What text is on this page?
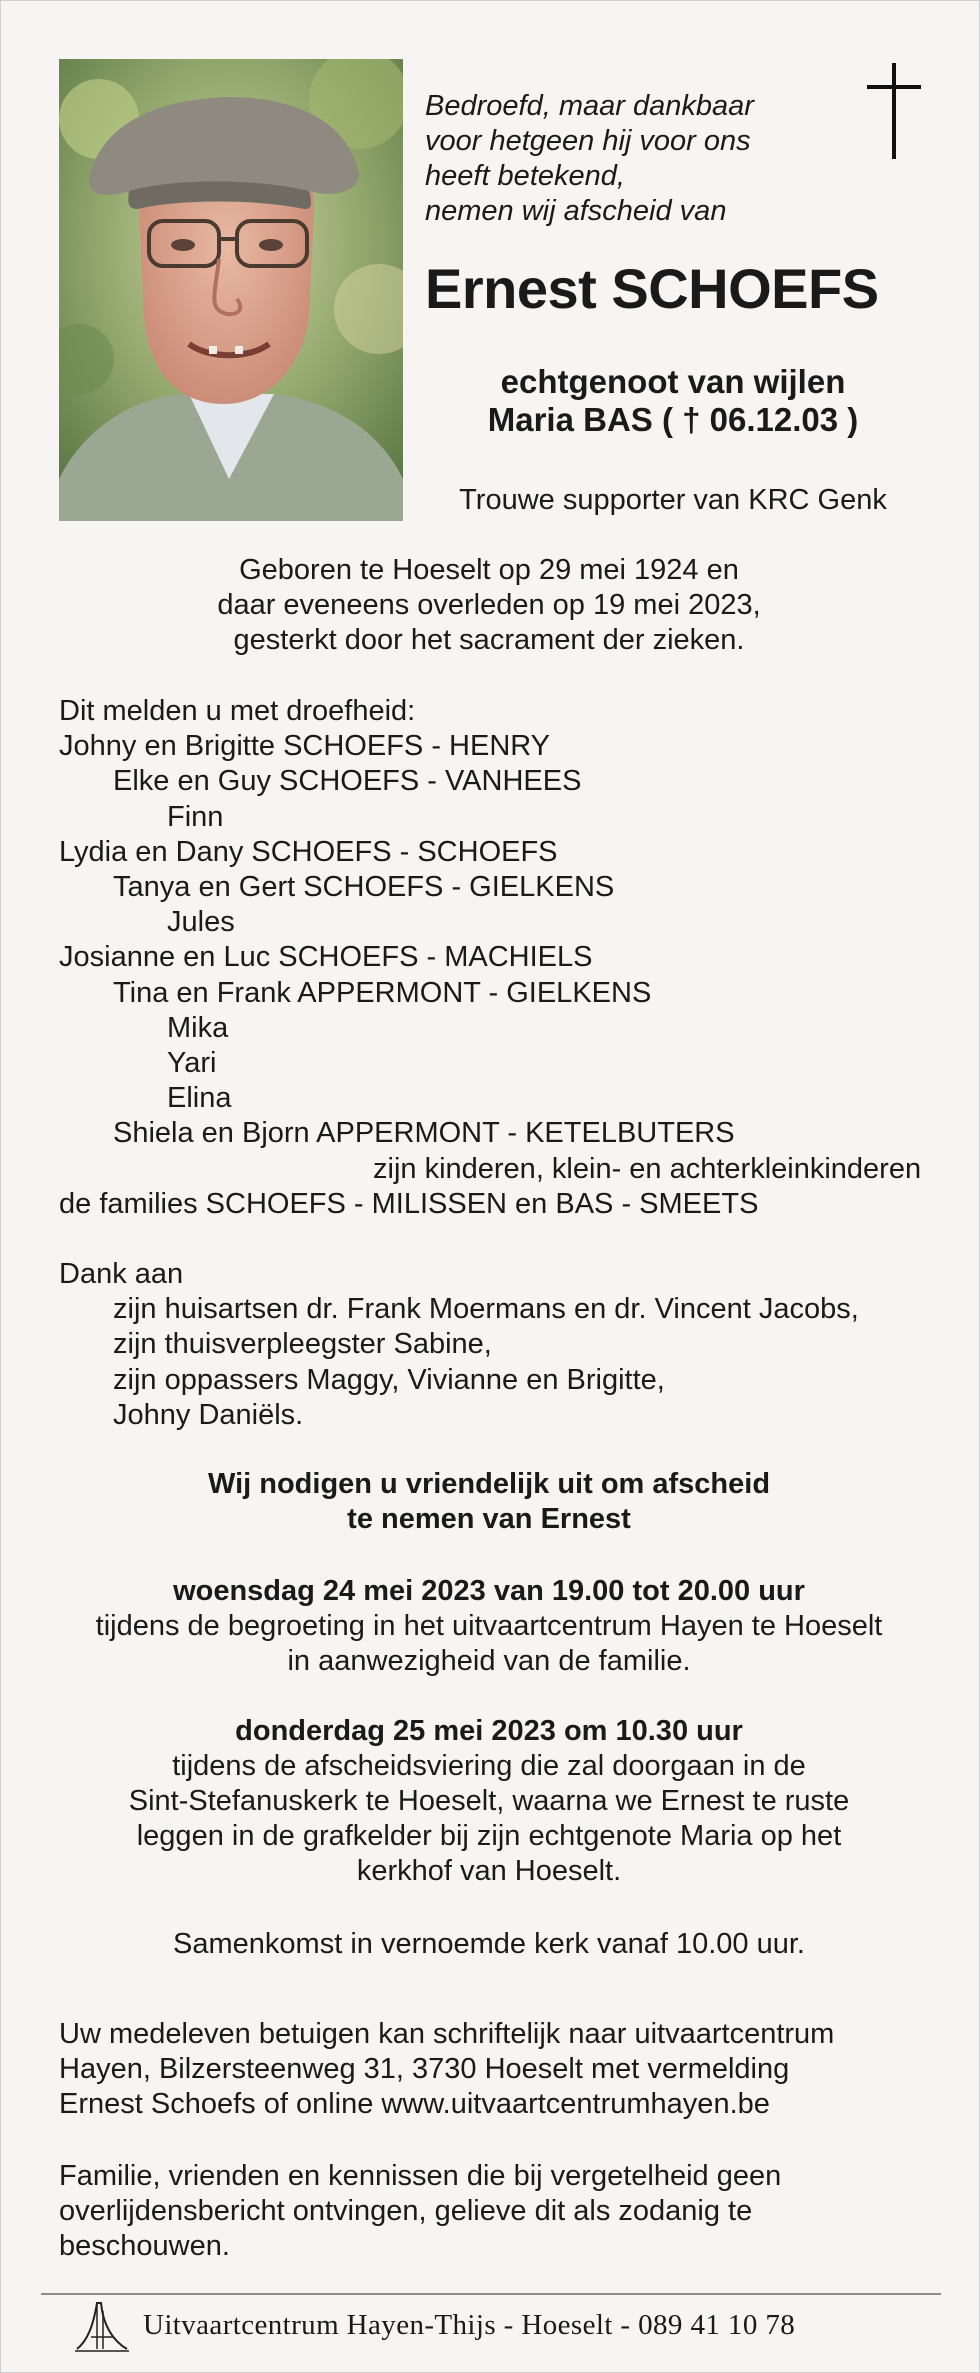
Bedroefd, maar dankbaar
voor hetgeen hij voor ons
heeft betekend,
nemen wij afscheid van
Ernest SCHOEFS
echtgenoot van wijlen
Maria BAS ( † 06.12.03 )
Trouwe supporter van KRC Genk
Geboren te Hoeselt op 29 mei 1924 en
daar eveneens overleden op 19 mei 2023,
gesterkt door het sacrament der zieken.
Dit melden u met droefheid:
Johny en Brigitte SCHOEFS - HENRY
Elke en Guy SCHOEFS - VANHEES
Finn
Lydia en Dany SCHOEFS - SCHOEFS
Tanya en Gert SCHOEFS - GIELKENS
Jules
Josianne en Luc SCHOEFS - MACHIELS
Tina en Frank APPERMONT - GIELKENS
Mika
Yari
Elina
Shiela en Bjorn APPERMONT - KETELBUTERS
zijn kinderen, klein- en achterkleinkinderen
de families SCHOEFS - MILISSEN en BAS - SMEETS
Dank aan
zijn huisartsen dr. Frank Moermans en dr. Vincent Jacobs,
zijn thuisverpleegster Sabine,
zijn oppassers Maggy, Vivianne en Brigitte,
Johny Daniëls.
Wij nodigen u vriendelijk uit om afscheid
te nemen van Ernest
woensdag 24 mei 2023 van 19.00 tot 20.00 uur
tijdens de begroeting in het uitvaartcentrum Hayen te Hoeselt
in aanwezigheid van de familie.
donderdag 25 mei 2023 om 10.30 uur
tijdens de afscheidsviering die zal doorgaan in de
Sint-Stefanuskerk te Hoeselt, waarna we Ernest te ruste
leggen in de grafkelder bij zijn echtgenote Maria op het
kerkhof van Hoeselt.
Samenkomst in vernoemde kerk vanaf 10.00 uur.
Uw medeleven betuigen kan schriftelijk naar uitvaartcentrum
Hayen, Bilzersteenweg 31, 3730 Hoeselt met vermelding
Ernest Schoefs of online www.uitvaartcentrumhayen.be
Familie, vrienden en kennissen die bij vergetelheid geen
overlijdensbericht ontvingen, gelieve dit als zodanig te
beschouwen.
Uitvaartcentrum Hayen-Thijs - Hoeselt - 089 41 10 78
